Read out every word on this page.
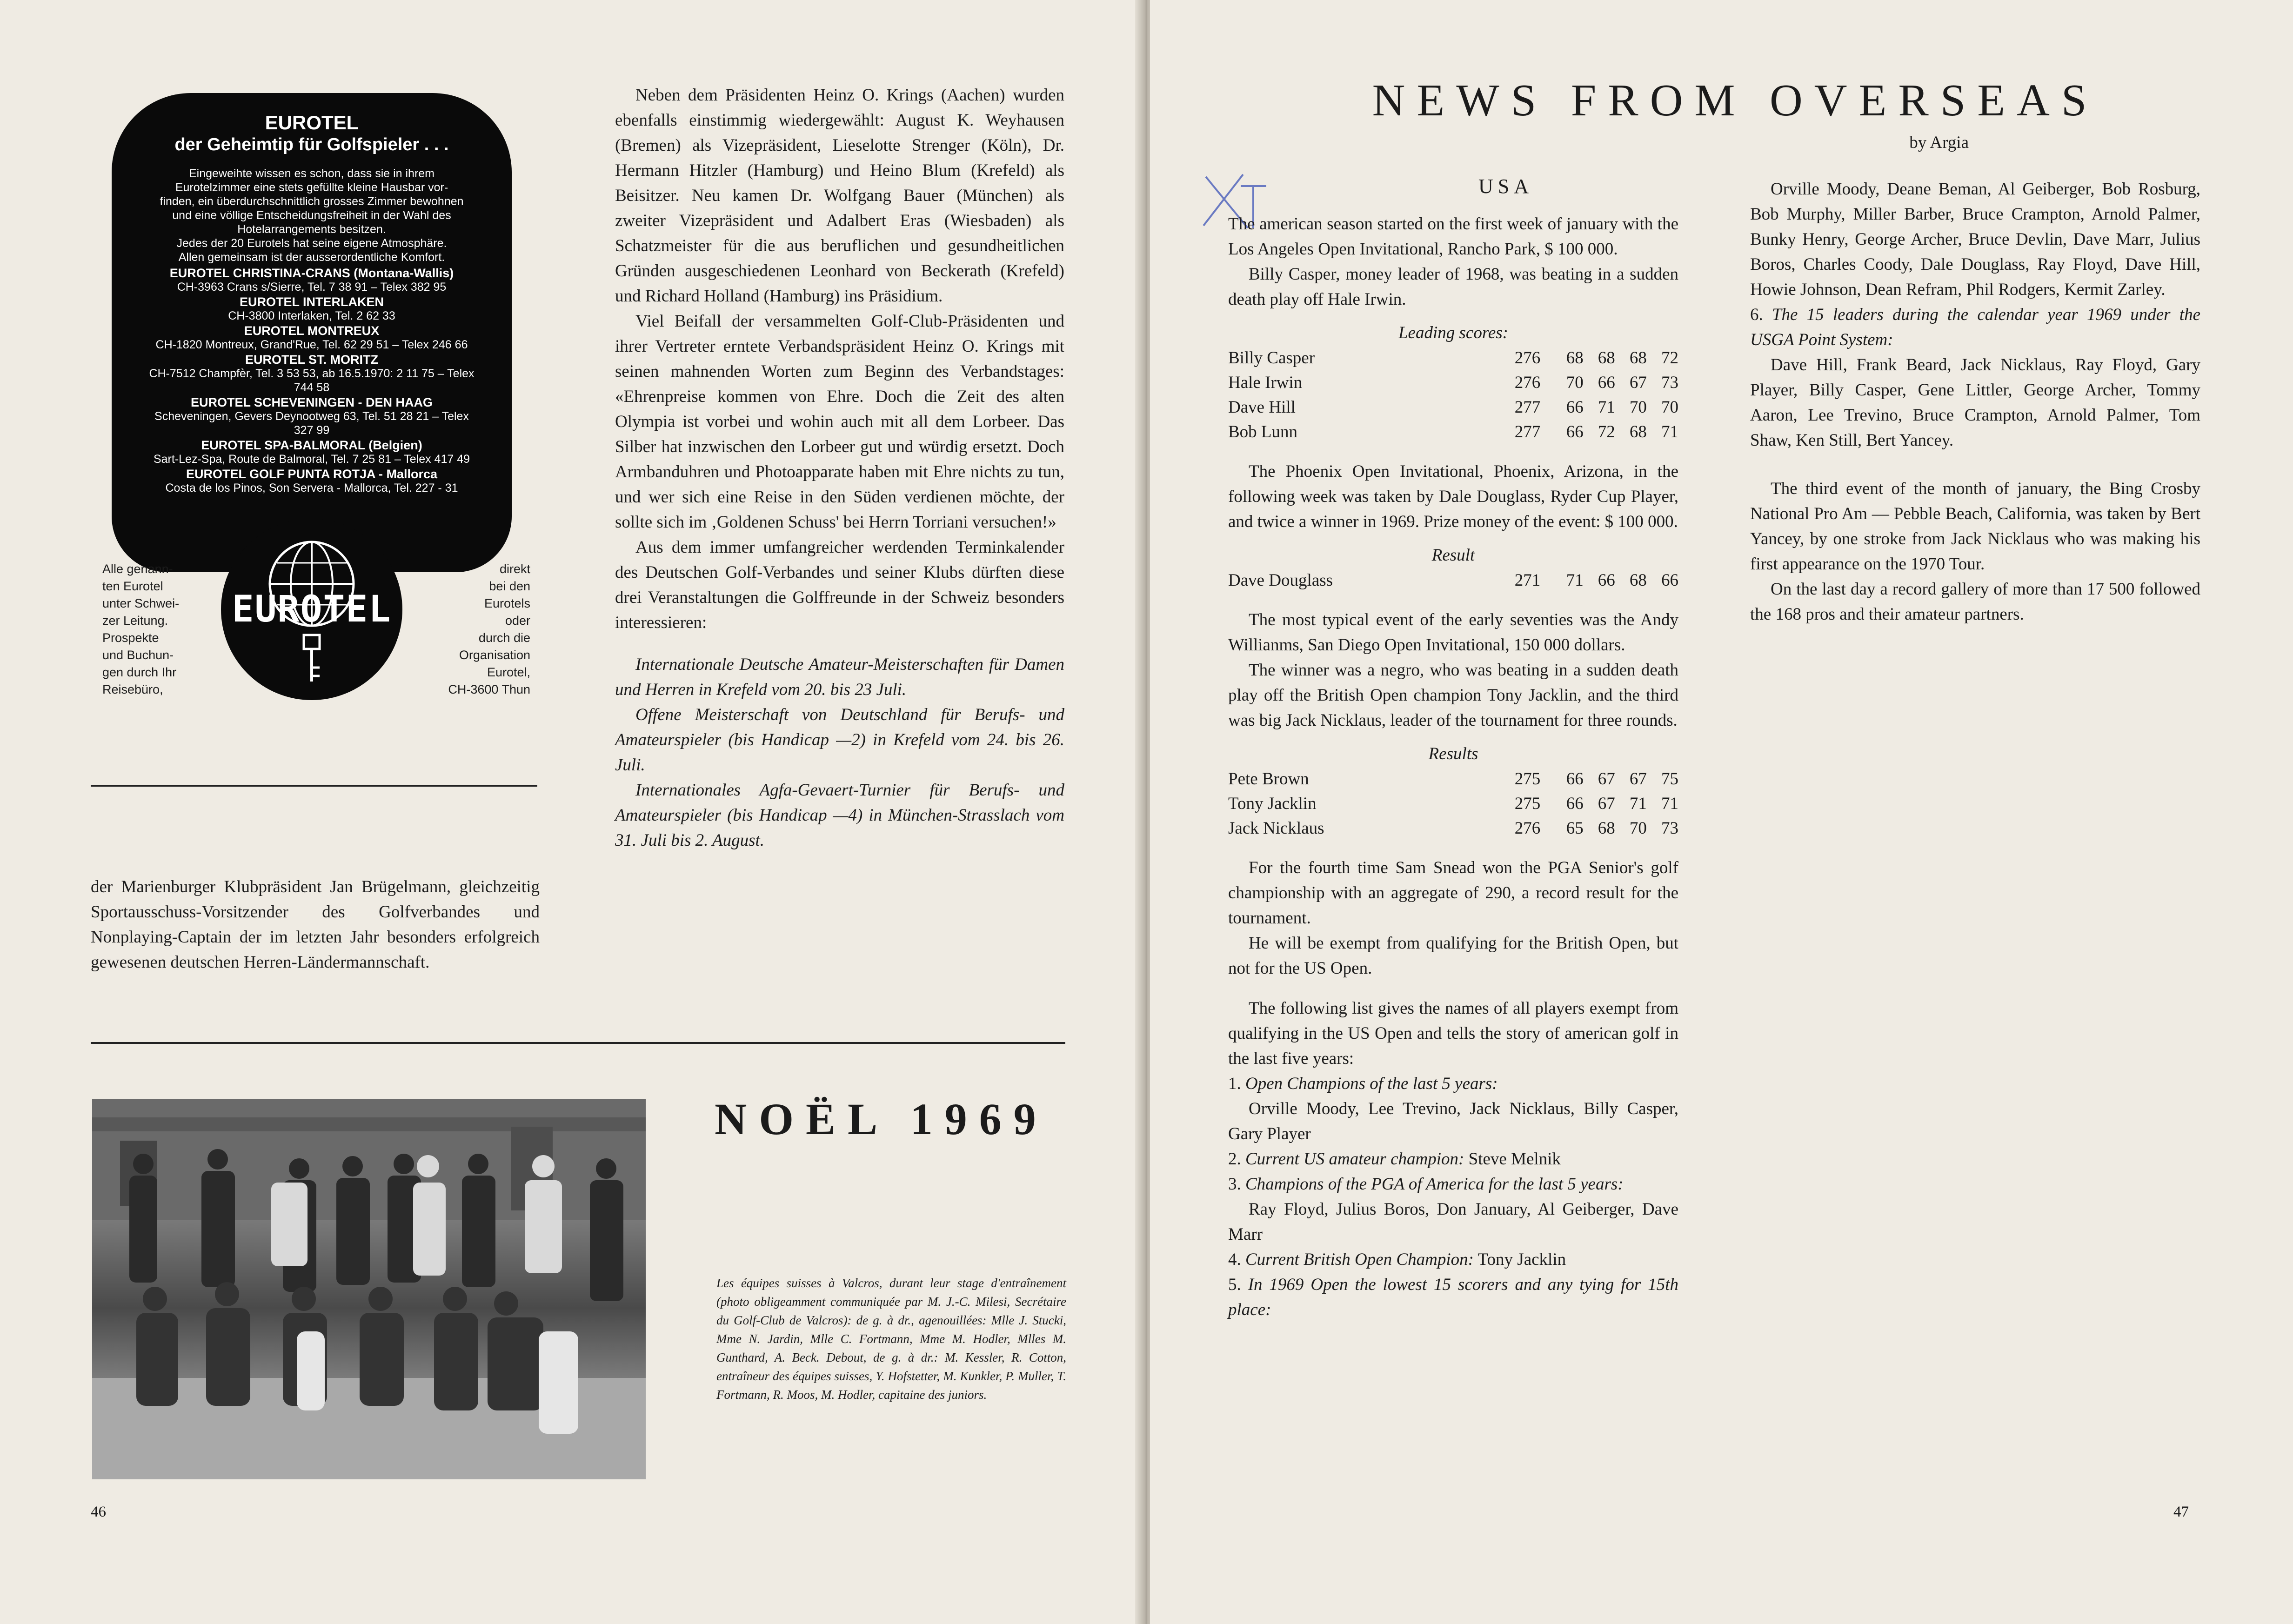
EUROTEL
der Geheimtip für Golfspieler . . .
Eingeweihte wissen es schon, dass sie in ihrem
Eurotelzimmer eine stets gefüllte kleine Hausbar vor-
finden, ein überdurchschnittlich grosses Zimmer bewohnen
und eine völlige Entscheidungsfreiheit in der Wahl des
Hotelarrangements besitzen.
Jedes der 20 Eurotels hat seine eigene Atmosphäre.
Allen gemeinsam ist der ausserordentliche Komfort.
EUROTEL CHRISTINA-CRANS (Montana-Wallis)
CH-3963 Crans s/Sierre, Tel. 7 38 91 – Telex 382 95
EUROTEL INTERLAKEN
CH-3800 Interlaken, Tel. 2 62 33
EUROTEL MONTREUX
CH-1820 Montreux, Grand'Rue, Tel. 62 29 51 – Telex 246 66
EUROTEL ST. MORITZ
CH-7512 Champfèr, Tel. 3 53 53, ab 16.5.1970: 2 11 75 – Telex 744 58
EUROTEL SCHEVENINGEN - DEN HAAG
Scheveningen, Gevers Deynootweg 63, Tel. 51 28 21 – Telex 327 99
EUROTEL SPA-BALMORAL (Belgien)
Sart-Lez-Spa, Route de Balmoral, Tel. 7 25 81 – Telex 417 49
EUROTEL GOLF PUNTA ROTJA - Mallorca
Costa de los Pinos, Son Servera - Mallorca, Tel. 227 - 31
EUROTEL
Alle genann-
ten Eurotel
unter Schwei-
zer Leitung.
Prospekte
und Buchun-
gen durch Ihr
Reisebüro,
direkt
bei den
Eurotels
oder
durch die
Organisation
Eurotel,
CH-3600 Thun

der Marienburger Klubpräsident Jan Brügelmann, gleichzeitig Sportausschuss-Vorsitzender des Golfverbandes und Nonplaying-Captain der im letzten Jahr besonders erfolgreich gewesenen deutschen Herren-Ländermannschaft.

Neben dem Präsidenten Heinz O. Krings (Aachen) wurden ebenfalls einstimmig wiedergewählt: August K. Weyhausen (Bremen) als Vizepräsident, Lieselotte Strenger (Köln), Dr. Hermann Hitzler (Hamburg) und Heino Blum (Krefeld) als Beisitzer. Neu kamen Dr. Wolfgang Bauer (München) als zweiter Vizepräsident und Adalbert Eras (Wiesbaden) als Schatzmeister für die aus beruflichen und gesundheitlichen Gründen ausgeschiedenen Leonhard von Beckerath (Krefeld) und Richard Holland (Hamburg) ins Präsidium.

Viel Beifall der versammelten Golf-Club-Präsidenten und ihrer Vertreter erntete Verbandspräsident Heinz O. Krings mit seinen mahnenden Worten zum Beginn des Verbandstages: «Ehrenpreise kommen von Ehre. Doch die Zeit des alten Olympia ist vorbei und wohin auch mit all dem Lorbeer. Das Silber hat inzwischen den Lorbeer gut und würdig ersetzt. Doch Armbanduhren und Photoapparate haben mit Ehre nichts zu tun, und wer sich eine Reise in den Süden verdienen möchte, der sollte sich im ‚Goldenen Schuss' bei Herrn Torriani versuchen!»

Aus dem immer umfangreicher werdenden Terminkalender des Deutschen Golf-Verbandes und seiner Klubs dürften diese drei Veranstaltungen die Golffreunde in der Schweiz besonders interessieren:

Internationale Deutsche Amateur-Meisterschaften für Damen und Herren in Krefeld vom 20. bis 23 Juli.

Offene Meisterschaft von Deutschland für Berufs- und Amateurspieler (bis Handicap —2) in Krefeld vom 24. bis 26. Juli.

Internationales Agfa-Gevaert-Turnier für Berufs- und Amateurspieler (bis Handicap —4) in München-Strasslach vom 31. Juli bis 2. August.

NOËL 1969
Les équipes suisses à Valcros, durant leur stage d'entraînement (photo obligeamment communiquée par M. J.-C. Milesi, Secrétaire du Golf-Club de Valcros): de g. à dr., agenouillées: Mlle J. Stucki, Mme N. Jardin, Mlle C. Fortmann, Mme M. Hodler, Mlles M. Gunthard, A. Beck. Debout, de g. à dr.: M. Kessler, R. Cotton, entraîneur des équipes suisses, Y. Hofstetter, M. Kunkler, P. Muller, T. Fortmann, R. Moos, M. Hodler, capitaine des juniors.
46
NEWS FROM OVERSEAS
by Argia
USA

The american season started on the first week of january with the Los Angeles Open Invitational, Rancho Park, $ 100 000.

Billy Casper, money leader of 1968, was beating in a sudden death play off Hale Irwin.

Leading scores:
Billy Casper	276	68 68 68 72
Hale Irwin	276	70 66 67 73
Dave Hill	277	66 71 70 70
Bob Lunn	277	66 72 68 71

The Phoenix Open Invitational, Phoenix, Arizona, in the following week was taken by Dale Douglass, Ryder Cup Player, and twice a winner in 1969. Prize money of the event: $ 100 000.

Result
Dave Douglass	271	71 66 68 66

The most typical event of the early seventies was the Andy Willianms, San Diego Open Invitational, 150 000 dollars.

The winner was a negro, who was beating in a sudden death play off the British Open champion Tony Jacklin, and the third was big Jack Nicklaus, leader of the tournament for three rounds.

Results
Pete Brown	275	66 67 67 75
Tony Jacklin	275	66 67 71 71
Jack Nicklaus	276	65 68 70 73

For the fourth time Sam Snead won the PGA Senior's golf championship with an aggregate of 290, a record result for the tournament.

He will be exempt from qualifying for the British Open, but not for the US Open.

The following list gives the names of all players exempt from qualifying in the US Open and tells the story of american golf in the last five years:

1. Open Champions of the last 5 years:

Orville Moody, Lee Trevino, Jack Nicklaus, Billy Casper, Gary Player

2. Current US amateur champion: Steve Melnik

3. Champions of the PGA of America for the last 5 years:

Ray Floyd, Julius Boros, Don January, Al Geiberger, Dave Marr

4. Current British Open Champion: Tony Jacklin

5. In 1969 Open the lowest 15 scorers and any tying for 15th place:

Orville Moody, Deane Beman, Al Geiberger, Bob Rosburg, Bob Murphy, Miller Barber, Bruce Crampton, Arnold Palmer, Bunky Henry, George Archer, Bruce Devlin, Dave Marr, Julius Boros, Charles Coody, Dale Douglass, Ray Floyd, Dave Hill, Howie Johnson, Dean Refram, Phil Rodgers, Kermit Zarley.

6. The 15 leaders during the calendar year 1969 under the USGA Point System:

Dave Hill, Frank Beard, Jack Nicklaus, Ray Floyd, Gary Player, Billy Casper, Gene Littler, George Archer, Tommy Aaron, Lee Trevino, Bruce Crampton, Arnold Palmer, Tom Shaw, Ken Still, Bert Yancey.

The third event of the month of january, the Bing Crosby National Pro Am — Pebble Beach, California, was taken by Bert Yancey, by one stroke from Jack Nicklaus who was making his first appearance on the 1970 Tour.

On the last day a record gallery of more than 17 500 followed the 168 pros and their amateur partners.

47
